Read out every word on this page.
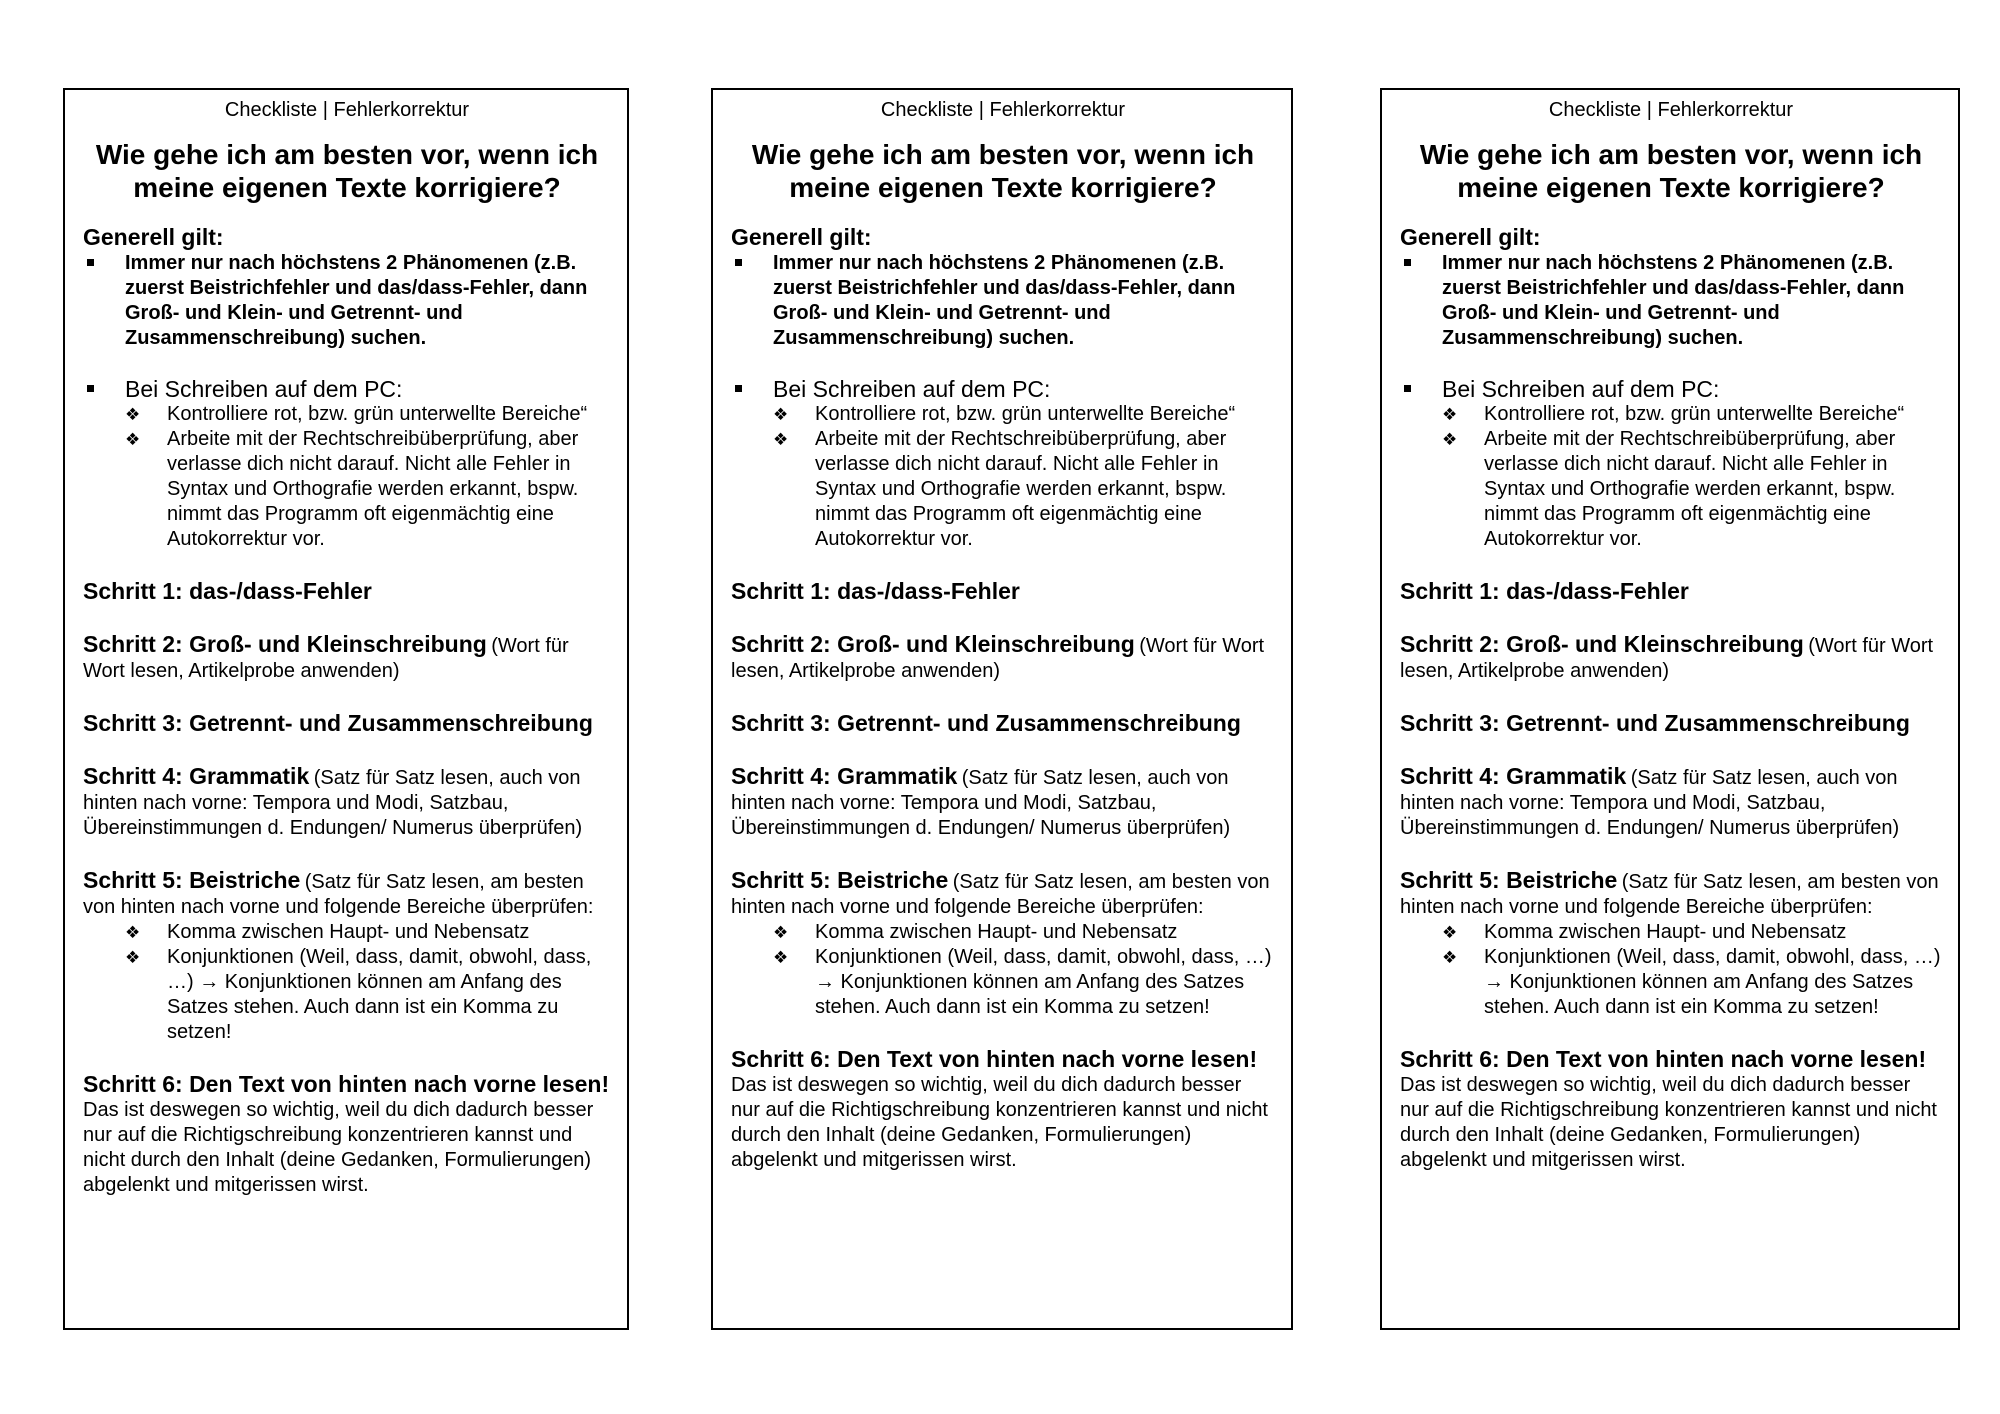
Checkliste | Fehlerkorrektur
Wie gehe ich am besten vor, wenn ich meine eigenen Texte korrigiere?
Generell gilt:
Immer nur nach höchstens 2 Phänomenen (z.B. zuerst Beistrichfehler und das/dass-Fehler, dann Groß- und Klein- und Getrennt- und Zusammenschreibung) suchen.
Bei Schreiben auf dem PC:
❖	Kontrolliere rot, bzw. grün unterwellte Bereiche“
❖	Arbeite mit der Rechtschreibüberprüfung, aber verlasse dich nicht darauf. Nicht alle Fehler in Syntax und Orthografie werden erkannt, bspw. nimmt das Programm oft eigenmächtig eine Autokorrektur vor.
Schritt 1: das-/dass-Fehler
Schritt 2: Groß- und Kleinschreibung (Wort für Wort lesen, Artikelprobe anwenden)
Schritt 3: Getrennt- und Zusammenschreibung
Schritt 4: Grammatik (Satz für Satz lesen, auch von hinten nach vorne: Tempora und Modi, Satzbau, Übereinstimmungen d. Endungen/ Numerus überprüfen)
Schritt 5: Beistriche (Satz für Satz lesen, am besten von hinten nach vorne und folgende Bereiche überprüfen:
❖	Komma zwischen Haupt- und Nebensatz
❖	Konjunktionen (Weil, dass, damit, obwohl, dass, …) → Konjunktionen können am Anfang des Satzes stehen. Auch dann ist ein Komma zu setzen!
Schritt 6: Den Text von hinten nach vorne lesen!
Das ist deswegen so wichtig, weil du dich dadurch besser nur auf die Richtigschreibung konzentrieren kannst und nicht durch den Inhalt (deine Gedanken, Formulierungen) abgelenkt und mitgerissen wirst.
Checkliste | Fehlerkorrektur
Wie gehe ich am besten vor, wenn ich meine eigenen Texte korrigiere?
Generell gilt:
Immer nur nach höchstens 2 Phänomenen (z.B. zuerst Beistrichfehler und das/dass-Fehler, dann Groß- und Klein- und Getrennt- und Zusammenschreibung) suchen.
Bei Schreiben auf dem PC:
❖	Kontrolliere rot, bzw. grün unterwellte Bereiche“
❖	Arbeite mit der Rechtschreibüberprüfung, aber verlasse dich nicht darauf. Nicht alle Fehler in Syntax und Orthografie werden erkannt, bspw. nimmt das Programm oft eigenmächtig eine Autokorrektur vor.
Schritt 1: das-/dass-Fehler
Schritt 2: Groß- und Kleinschreibung (Wort für Wort lesen, Artikelprobe anwenden)
Schritt 3: Getrennt- und Zusammenschreibung
Schritt 4: Grammatik (Satz für Satz lesen, auch von hinten nach vorne: Tempora und Modi, Satzbau, Übereinstimmungen d. Endungen/ Numerus überprüfen)
Schritt 5: Beistriche (Satz für Satz lesen, am besten von hinten nach vorne und folgende Bereiche überprüfen:
❖	Komma zwischen Haupt- und Nebensatz
❖	Konjunktionen (Weil, dass, damit, obwohl, dass, …) → Konjunktionen können am Anfang des Satzes stehen. Auch dann ist ein Komma zu setzen!
Schritt 6: Den Text von hinten nach vorne lesen!
Das ist deswegen so wichtig, weil du dich dadurch besser nur auf die Richtigschreibung konzentrieren kannst und nicht durch den Inhalt (deine Gedanken, Formulierungen) abgelenkt und mitgerissen wirst.
Checkliste | Fehlerkorrektur
Wie gehe ich am besten vor, wenn ich meine eigenen Texte korrigiere?
Generell gilt:
Immer nur nach höchstens 2 Phänomenen (z.B. zuerst Beistrichfehler und das/dass-Fehler, dann Groß- und Klein- und Getrennt- und Zusammenschreibung) suchen.
Bei Schreiben auf dem PC:
❖	Kontrolliere rot, bzw. grün unterwellte Bereiche“
❖	Arbeite mit der Rechtschreibüberprüfung, aber verlasse dich nicht darauf. Nicht alle Fehler in Syntax und Orthografie werden erkannt, bspw. nimmt das Programm oft eigenmächtig eine Autokorrektur vor.
Schritt 1: das-/dass-Fehler
Schritt 2: Groß- und Kleinschreibung (Wort für Wort lesen, Artikelprobe anwenden)
Schritt 3: Getrennt- und Zusammenschreibung
Schritt 4: Grammatik (Satz für Satz lesen, auch von hinten nach vorne: Tempora und Modi, Satzbau, Übereinstimmungen d. Endungen/ Numerus überprüfen)
Schritt 5: Beistriche (Satz für Satz lesen, am besten von hinten nach vorne und folgende Bereiche überprüfen:
❖	Komma zwischen Haupt- und Nebensatz
❖	Konjunktionen (Weil, dass, damit, obwohl, dass, …) → Konjunktionen können am Anfang des Satzes stehen. Auch dann ist ein Komma zu setzen!
Schritt 6: Den Text von hinten nach vorne lesen!
Das ist deswegen so wichtig, weil du dich dadurch besser nur auf die Richtigschreibung konzentrieren kannst und nicht durch den Inhalt (deine Gedanken, Formulierungen) abgelenkt und mitgerissen wirst.
